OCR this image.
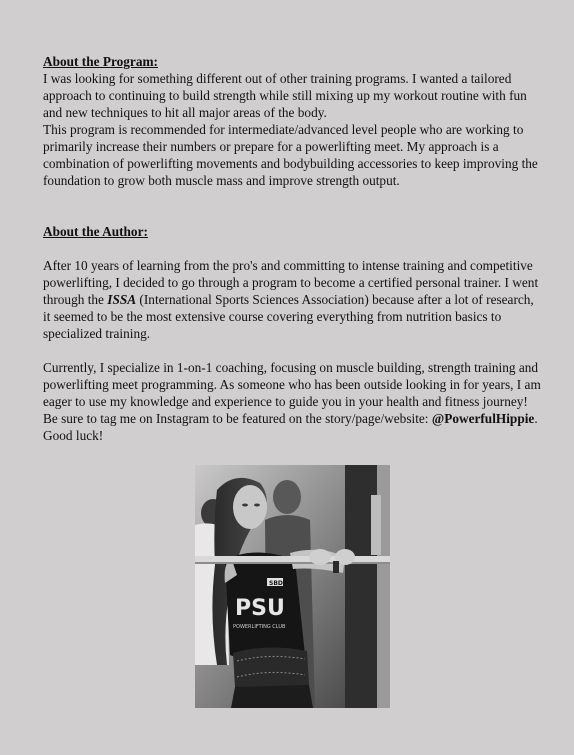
About the Program:

I was looking for something different out of other training programs. I wanted a tailored approach to continuing to build strength while still mixing up my workout routine with fun and new techniques to hit all major areas of the body.

This program is recommended for intermediate/advanced level people who are working to primarily increase their numbers or prepare for a powerlifting meet. My approach is a combination of powerlifting movements and bodybuilding accessories to keep improving the foundation to grow both muscle mass and improve strength output.

About the Author:

After 10 years of learning from the pro's and committing to intense training and competitive powerlifting, I decided to go through a program to become a certified personal trainer. I went through the ISSA (International Sports Sciences Association) because after a lot of research, it seemed to be the most extensive course covering everything from nutrition basics to specialized training.

Currently, I specialize in 1-on-1 coaching, focusing on muscle building, strength training and powerlifting meet programming. As someone who has been outside looking in for years, I am eager to use my knowledge and experience to guide you in your health and fitness journey! Be sure to tag me on Instagram to be featured on the story/page/website: @PowerfulHippie. Good luck!

PSU
POWERLIFTING CLUB
SBD
